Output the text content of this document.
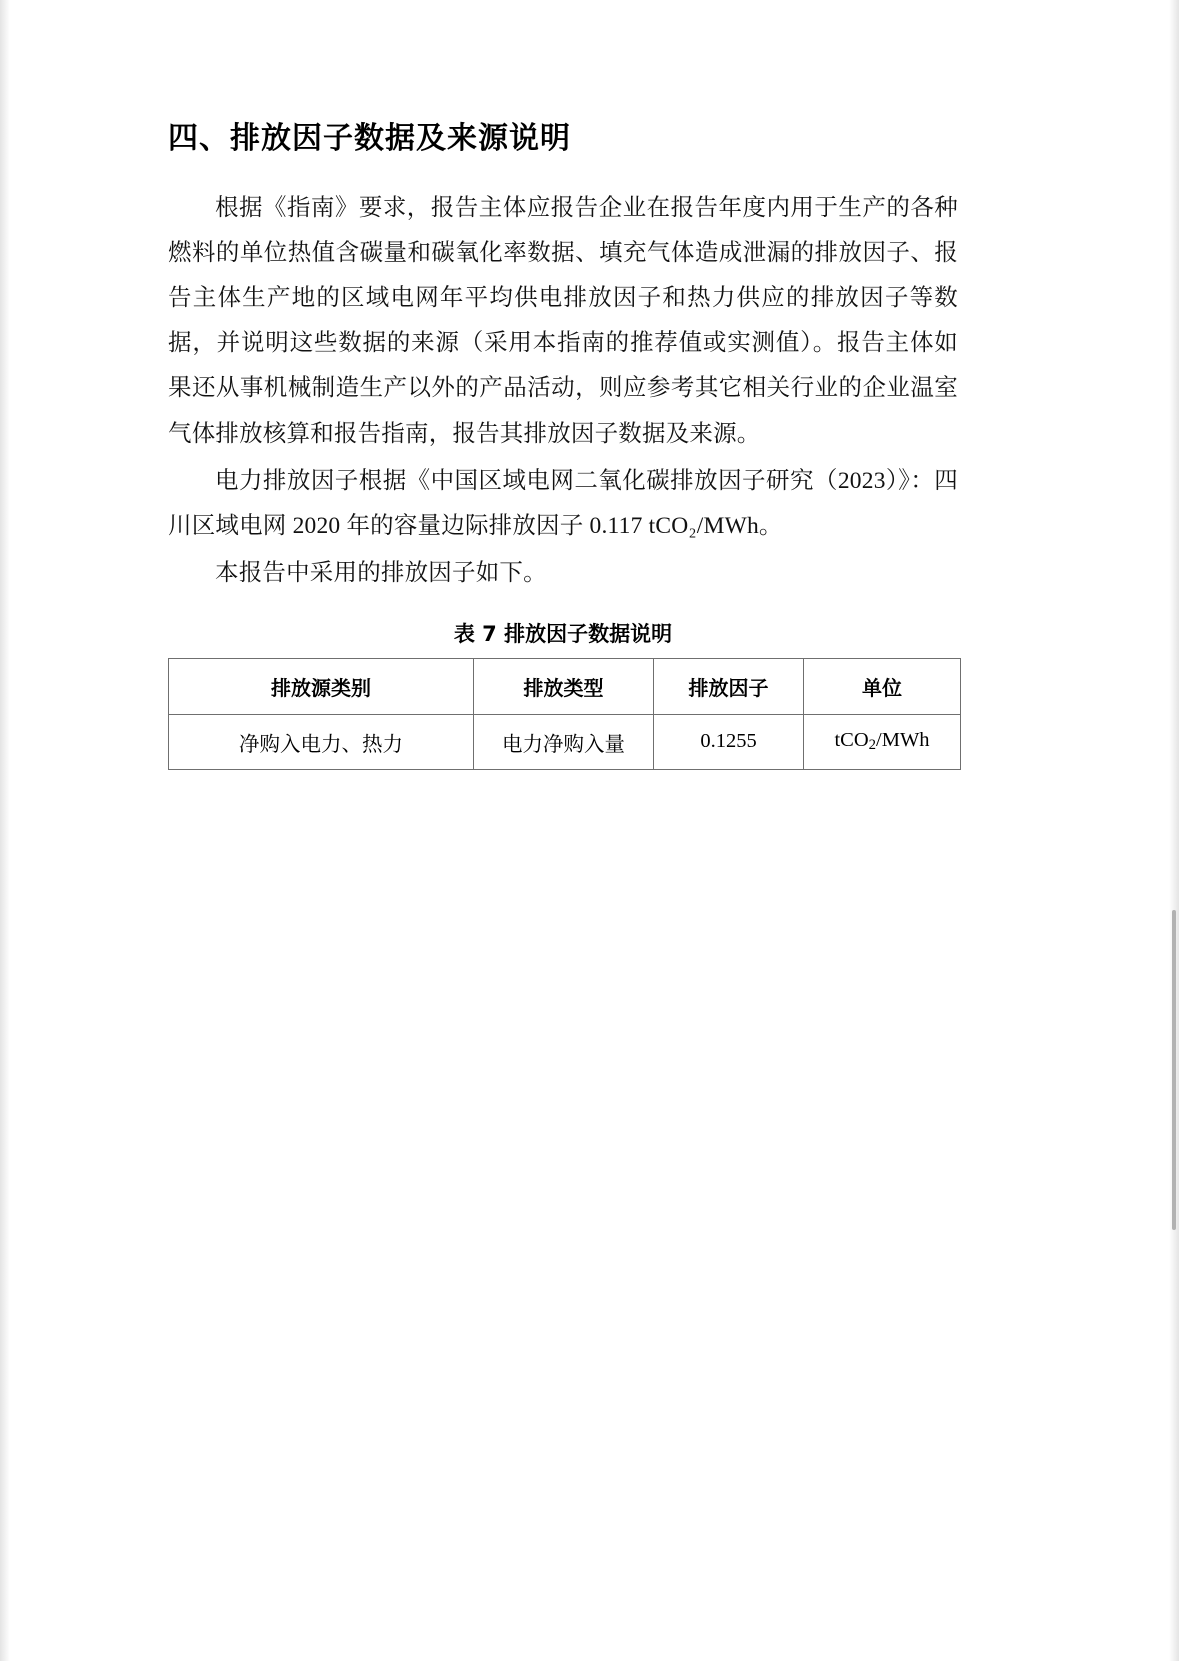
四、排放因子数据及来源说明

根据《指南》要求，报告主体应报告企业在报告年度内用于生产的各种燃料的单位热值含碳量和碳氧化率数据、填充气体造成泄漏的排放因子、报告主体生产地的区域电网年平均供电排放因子和热力供应的排放因子等数据，并说明这些数据的来源（采用本指南的推荐值或实测值）。报告主体如果还从事机械制造生产以外的产品活动，则应参考其它相关行业的企业温室气体排放核算和报告指南，报告其排放因子数据及来源。

电力排放因子根据《中国区域电网二氧化碳排放因子研究（2023）》：四川区域电网 2020 年的容量边际排放因子 0.117 tCO₂/MWh。

本报告中采用的排放因子如下。

表 7 排放因子数据说明
排放源类别	排放类型	排放因子	单位
净购入电力、热力	电力净购入量	0.1255	tCO$_2$/MWh
